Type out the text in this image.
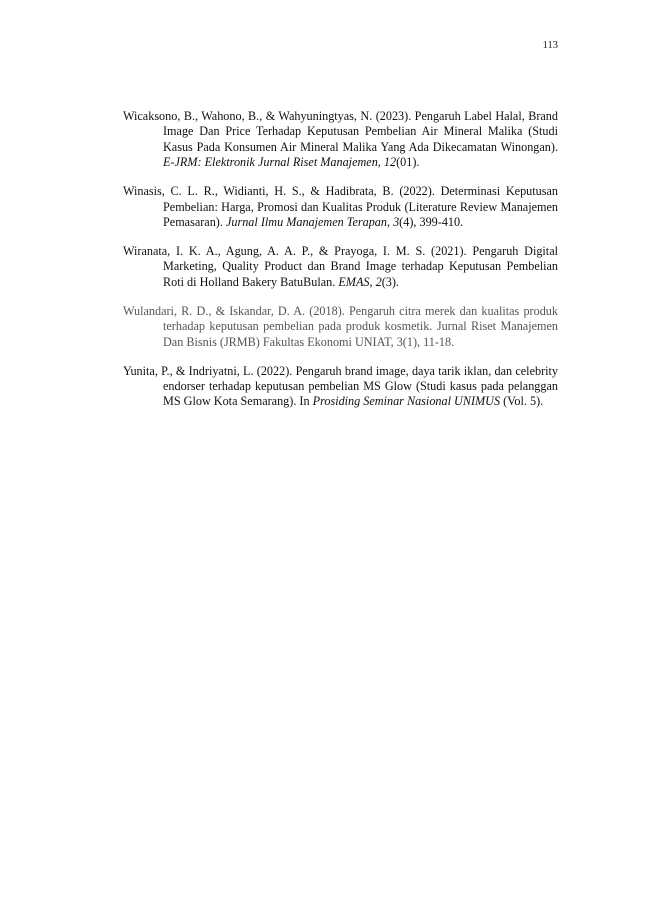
113

Wicaksono, B., Wahono, B., & Wahyuningtyas, N. (2023). Pengaruh Label Halal, Brand Image Dan Price Terhadap Keputusan Pembelian Air Mineral Malika (Studi Kasus Pada Konsumen Air Mineral Malika Yang Ada Dikecamatan Winongan). E-JRM: Elektronik Jurnal Riset Manajemen, 12(01).

Winasis, C. L. R., Widianti, H. S., & Hadibrata, B. (2022). Determinasi Keputusan Pembelian: Harga, Promosi dan Kualitas Produk (Literature Review Manajemen Pemasaran). Jurnal Ilmu Manajemen Terapan, 3(4), 399-410.

Wiranata, I. K. A., Agung, A. A. P., & Prayoga, I. M. S. (2021). Pengaruh Digital Marketing, Quality Product dan Brand Image terhadap Keputusan Pembelian Roti di Holland Bakery BatuBulan. EMAS, 2(3).

Wulandari, R. D., & Iskandar, D. A. (2018). Pengaruh citra merek dan kualitas produk terhadap keputusan pembelian pada produk kosmetik. Jurnal Riset Manajemen Dan Bisnis (JRMB) Fakultas Ekonomi UNIAT, 3(1), 11-18.

Yunita, P., & Indriyatni, L. (2022). Pengaruh brand image, daya tarik iklan, dan celebrity endorser terhadap keputusan pembelian MS Glow (Studi kasus pada pelanggan MS Glow Kota Semarang). In Prosiding Seminar Nasional UNIMUS (Vol. 5).
